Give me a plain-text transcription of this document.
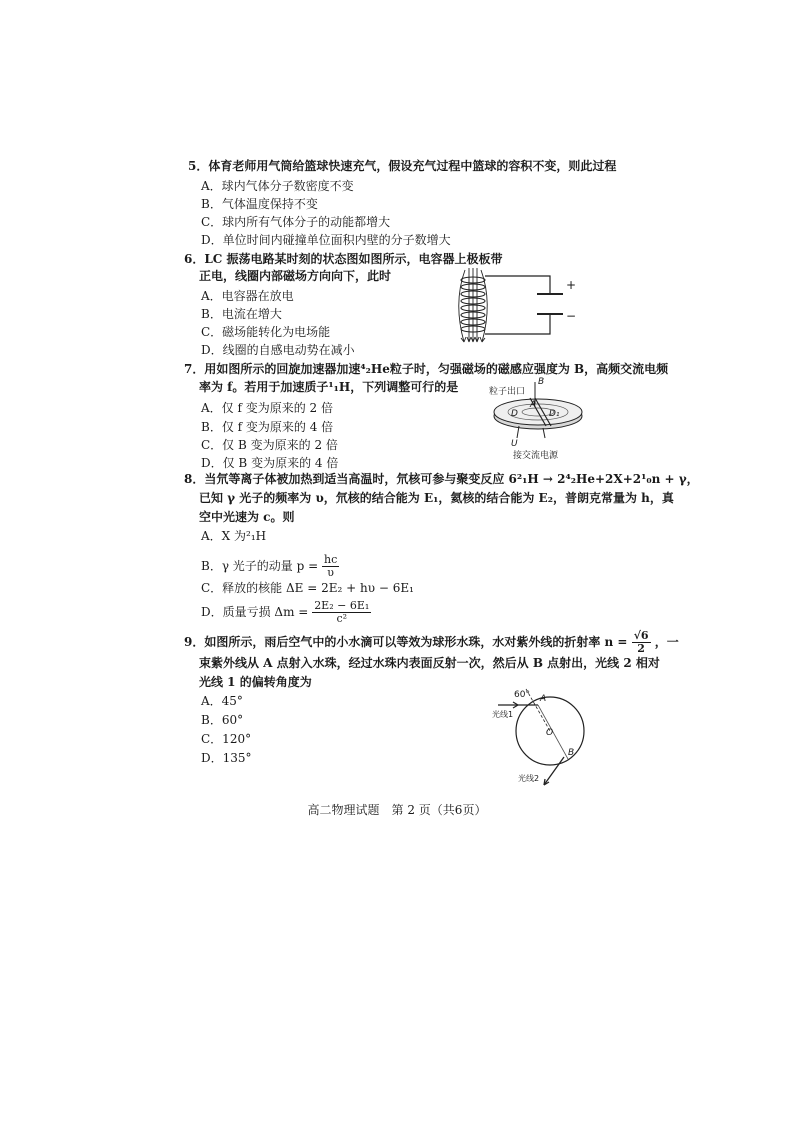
5．体育老师用气筒给篮球快速充气，假设充气过程中篮球的容积不变，则此过程
A．球内气体分子数密度不变
B．气体温度保持不变
C．球内所有气体分子的动能都增大
D．单位时间内碰撞单位面积内壁的分子数增大
6．LC 振荡电路某时刻的状态图如图所示，电容器上极板带
正电，线圈内部磁场方向向下，此时
A．电容器在放电
B．电流在增大
C．磁场能转化为电场能
D．线圈的自感电动势在减小
+
−
7．用如图所示的回旋加速器加速⁴₂He粒子时，匀强磁场的磁感应强度为 B，高频交流电频
率为 f。若用于加速质子¹₁H，下列调整可行的是
A．仅 f 变为原来的 2 倍
B．仅 f 变为原来的 4 倍
C．仅 B 变为原来的 2 倍
D．仅 B 变为原来的 4 倍
粒子出口
B
A
D	D₁
U
接交流电源
8．当氘等离子体被加热到适当高温时，氘核可参与聚变反应 6²₁H → 2⁴₂He+2X+2¹₀n + γ，
已知 γ 光子的频率为 υ，氘核的结合能为 E₁，氦核的结合能为 E₂，普朗克常量为 h，真
空中光速为 c。则
A．X 为²₁H
B．γ 光子的动量 $p = \frac{hc}{\upsilon}$
C．释放的核能 ΔE = 2E₂ + hυ − 6E₁
D．质量亏损 $\Delta m = \frac{\text{2E₂ − 6E₁}}{\text{c²}}$
9．如图所示，雨后空气中的小水滴可以等效为球形水珠，水对紫外线的折射率 $n = \frac{√6}{2}$ ，一
束紫外线从 A 点射入水珠，经过水珠内表面反射一次，然后从 B 点射出，光线 2 相对
光线 1 的偏转角度为
A．45°
B．60°
C．120°
D．135°
60° A
O
B
光线1
光线2
高二物理试题　第 2 页（共6页）
